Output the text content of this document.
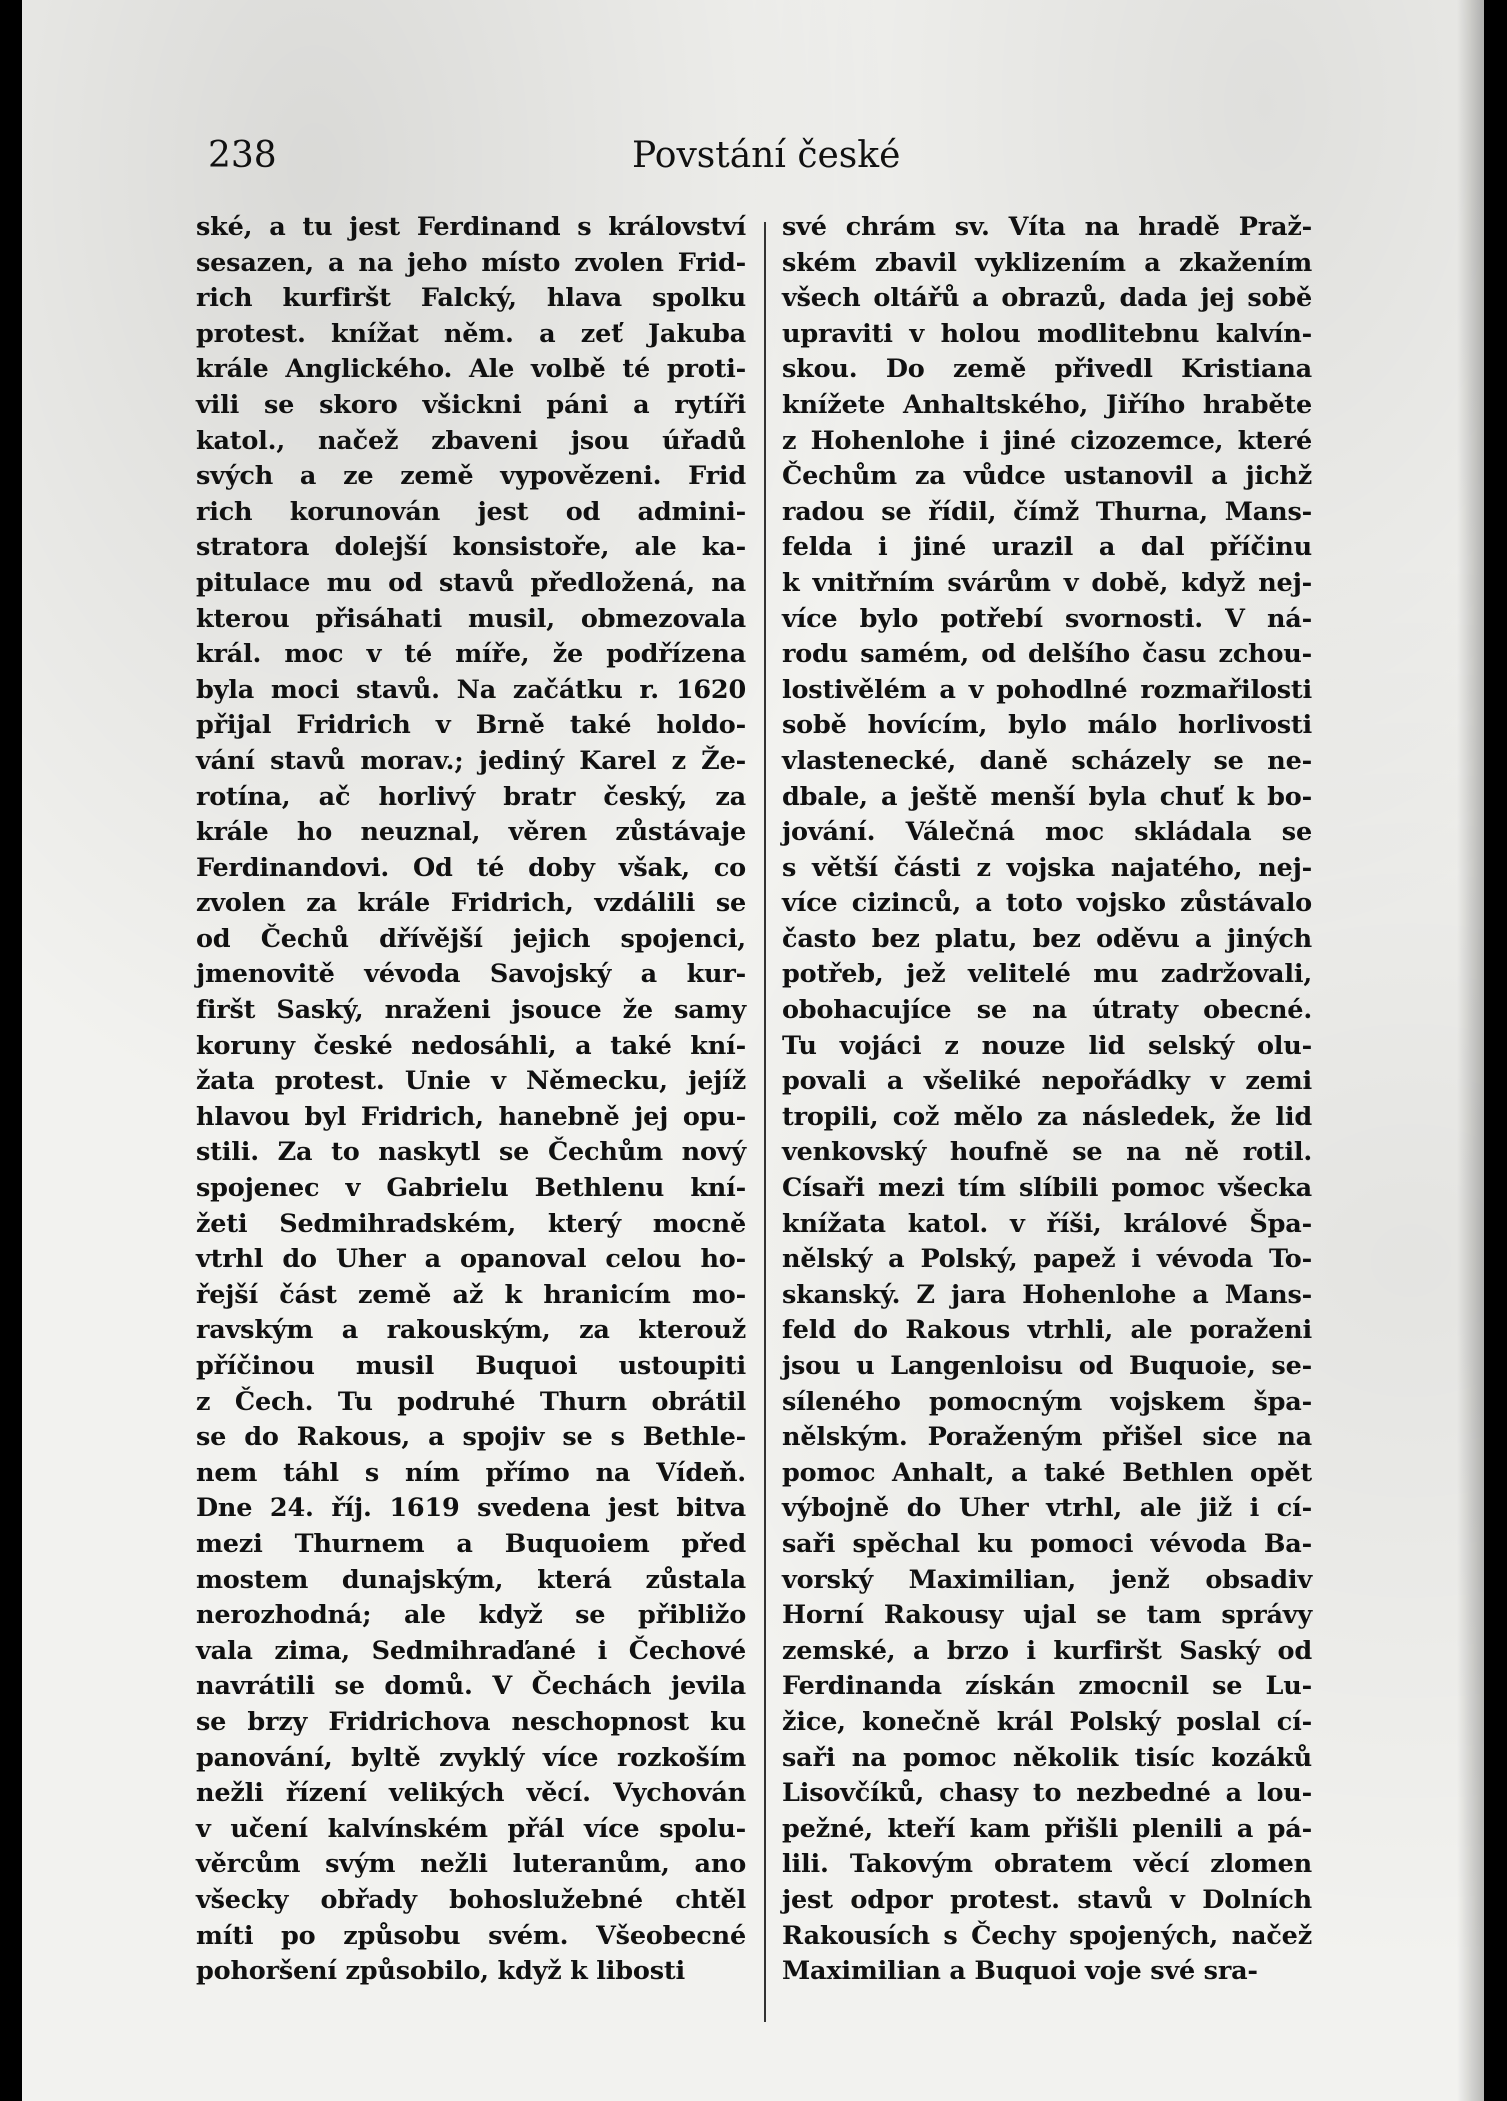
238	Povstání české
ské, a tu jest Ferdinand s království
sesazen, a na jeho místo zvolen Frid-
rich kurfiršt Falcký, hlava spolku
protest. knížat něm. a zeť Jakuba
krále Anglického. Ale volbě té proti-
vili se skoro všickni páni a rytíři
katol., načež zbaveni jsou úřadů
svých a ze země vypovězeni. Frid
rich korunován jest od admini-
stratora dolejší konsistoře, ale ka-
pitulace mu od stavů předložená, na
kterou přisáhati musil, obmezovala
král. moc v té míře, že podřízena
byla moci stavů. Na začátku r. 1620
přijal Fridrich v Brně také holdo-
vání stavů morav.; jediný Karel z Že-
rotína, ač horlivý bratr český, za
krále ho neuznal, věren zůstávaje
Ferdinandovi. Od té doby však, co
zvolen za krále Fridrich, vzdálili se
od Čechů dřívější jejich spojenci,
jmenovitě vévoda Savojský a kur-
firšt Saský, nraženi jsouce že samy
koruny české nedosáhli, a také kní-
žata protest. Unie v Německu, jejíž
hlavou byl Fridrich, hanebně jej opu-
stili. Za to naskytl se Čechům nový
spojenec v Gabrielu Bethlenu kní-
žeti Sedmihradském, který mocně
vtrhl do Uher a opanoval celou ho-
řejší část země až k hranicím mo-
ravským a rakouským, za kterouž
příčinou musil Buquoi ustoupiti
z Čech. Tu podruhé Thurn obrátil
se do Rakous, a spojiv se s Bethle-
nem táhl s ním přímo na Vídeň.
Dne 24. říj. 1619 svedena jest bitva
mezi Thurnem a Buquoiem před
mostem dunajským, která zůstala
nerozhodná; ale když se přibližo
vala zima, Sedmihraďané i Čechové
navrátili se domů. V Čechách jevila
se brzy Fridrichova neschopnost ku
panování, byltě zvyklý více rozkoším
nežli řízení velikých věcí. Vychován
v učení kalvínském přál více spolu-
věrcům svým nežli luteranům, ano
všecky obřady bohoslužebné chtěl
míti po způsobu svém. Všeobecné
pohoršení způsobilo, když k libosti
své chrám sv. Víta na hradě Praž-
ském zbavil vyklizením a zkažením
všech oltářů a obrazů, dada jej sobě
upraviti v holou modlitebnu kalvín-
skou. Do země přivedl Kristiana
knížete Anhaltského, Jiřího hraběte
z Hohenlohe i jiné cizozemce, které
Čechům za vůdce ustanovil a jichž
radou se řídil, čímž Thurna, Mans-
felda i jiné urazil a dal příčinu
k vnitřním svárům v době, když nej-
více bylo potřebí svornosti. V ná-
rodu samém, od delšího času zchou-
lostivělém a v pohodlné rozmařilosti
sobě hovícím, bylo málo horlivosti
vlastenecké, daně scházely se ne-
dbale, a ještě menší byla chuť k bo-
jování. Válečná moc skládala se
s větší části z vojska najatého, nej-
více cizinců, a toto vojsko zůstávalo
často bez platu, bez oděvu a jiných
potřeb, jež velitelé mu zadržovali,
obohacujíce se na útraty obecné.
Tu vojáci z nouze lid selský olu-
povali a všeliké nepořádky v zemi
tropili, což mělo za následek, že lid
venkovský houfně se na ně rotil.
Císaři mezi tím slíbili pomoc všecka
knížata katol. v říši, králové Špa-
nělský a Polský, papež i vévoda To-
skanský. Z jara Hohenlohe a Mans-
feld do Rakous vtrhli, ale poraženi
jsou u Langenloisu od Buquoie, se-
síleného pomocným vojskem špa-
nělským. Poraženým přišel sice na
pomoc Anhalt, a také Bethlen opět
výbojně do Uher vtrhl, ale již i cí-
saři spěchal ku pomoci vévoda Ba-
vorský Maximilian, jenž obsadiv
Horní Rakousy ujal se tam správy
zemské, a brzo i kurfiršt Saský od
Ferdinanda získán zmocnil se Lu-
žice, konečně král Polský poslal cí-
saři na pomoc několik tisíc kozáků
Lisovčíků, chasy to nezbedné a lou-
pežné, kteří kam přišli plenili a pá-
lili. Takovým obratem věcí zlomen
jest odpor protest. stavů v Dolních
Rakousích s Čechy spojených, načež
Maximilian a Buquoi voje své sra-
